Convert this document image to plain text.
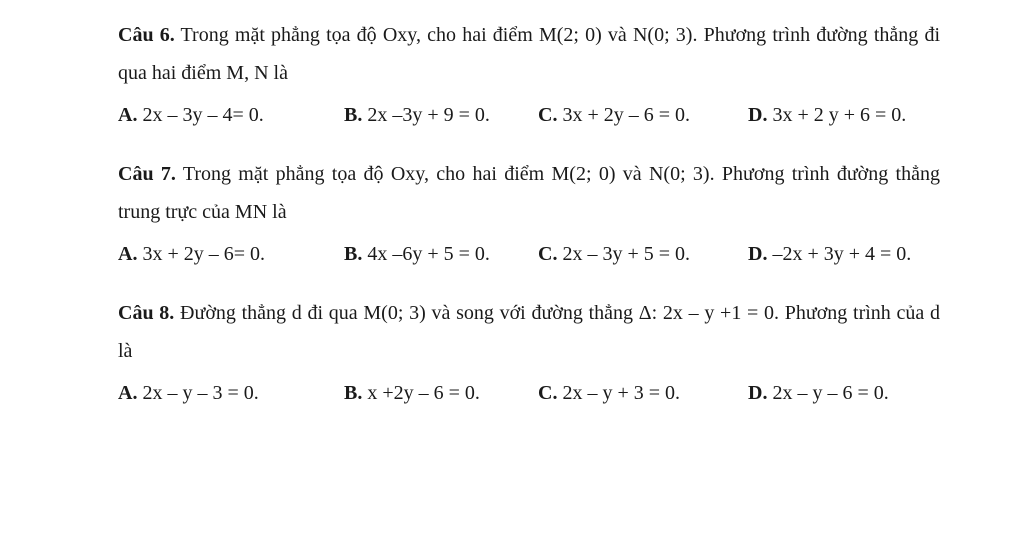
Câu 6. Trong mặt phẳng tọa độ Oxy, cho hai điểm M(2; 0) và N(0; 3). Phương trình đường thẳng đi qua hai điểm M, N là

A. 2x – 3y – 4= 0.	B. 2x –3y + 9 = 0. C. 3x + 2y – 6 = 0.	D. 3x + 2 y + 6 = 0.

Câu 7. Trong mặt phẳng tọa độ Oxy, cho hai điểm M(2; 0) và N(0; 3). Phương trình đường thẳng trung trực của MN là

A. 3x + 2y – 6= 0.	B. 4x –6y + 5 = 0. C. 2x – 3y + 5 = 0.	D. –2x + 3y + 4 = 0.

Câu 8. Đường thẳng d đi qua M(0; 3) và song với đường thẳng Δ: 2x – y +1 = 0. Phương trình của d là

A. 2x – y – 3 = 0.	B. x +2y – 6 = 0.	C. 2x – y + 3 = 0.	D. 2x – y – 6 = 0.
